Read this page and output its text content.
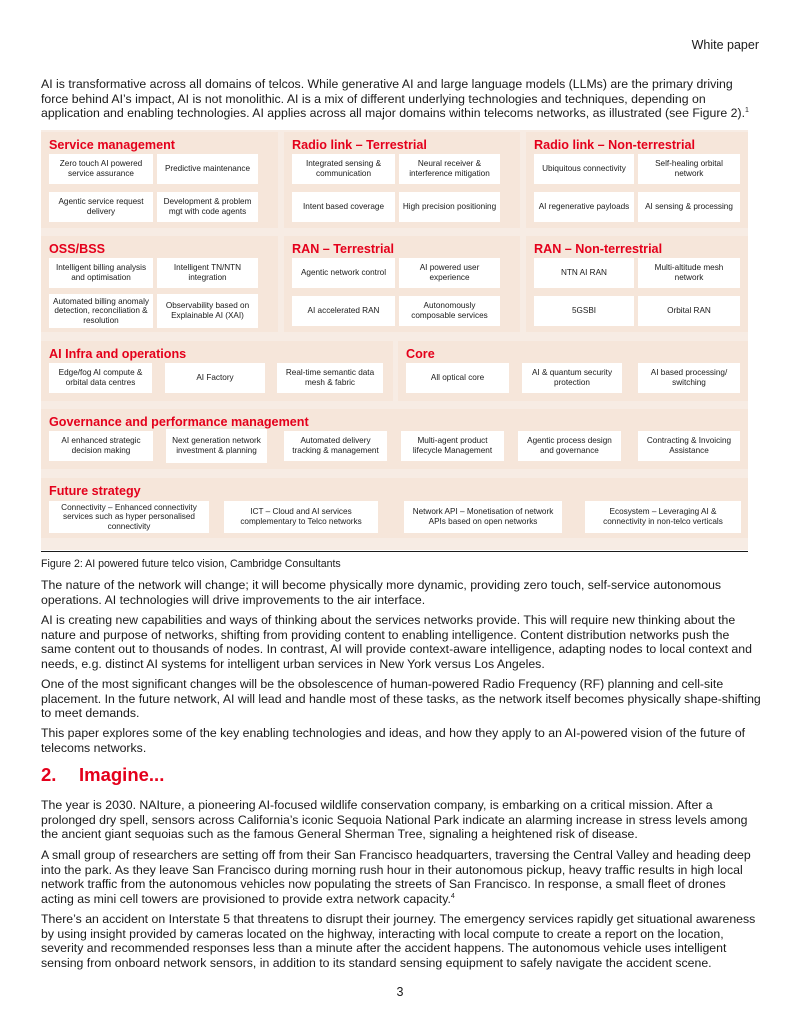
White paper

AI is transformative across all domains of telcos. While generative AI and large language models (LLMs) are the primary driving force behind AI’s impact, AI is not monolithic. AI is a mix of different underlying technologies and techniques, depending on application and enabling technologies. AI applies across all major domains within telecoms networks, as illustrated (see Figure 2).$^1$

Service management
Zero touch AI powered service assurance
Predictive maintenance
Agentic service request delivery
Development & problem mgt with code agents
Radio link – Terrestrial
Integrated sensing & communication
Neural receiver & interference mitigation
Intent based coverage	High precision positioning
Radio link – Non-terrestrial
Ubiquitous connectivity
Self-healing orbital network
AI regenerative payloads	AI sensing & processing
OSS/BSS
Intelligent billing analysis and optimisation
Intelligent TN/NTN integration
Automated billing anomaly detection, reconciliation & resolution
Observability based on Explainable AI (XAI)
RAN – Terrestrial
Agentic network control
AI powered user experience
AI accelerated RAN
Autonomously composable services
RAN – Non-terrestrial
NTN AI RAN
Multi-altitude mesh network
5GSBI	Orbital RAN
AI Infra and operations
Edge/fog AI compute & orbital data centres
AI Factory
Real-time semantic data mesh & fabric
Core
All optical core
AI & quantum security protection
AI based processing/ switching
Governance and performance management
AI enhanced strategic decision making
Next generation network investment & planning
Automated delivery tracking & management
Multi-agent product lifecycle Management
Agentic process design and governance
Contracting & Invoicing Assistance
Future strategy
Connectivity – Enhanced connectivity services such as hyper personalised connectivity
ICT – Cloud and AI services complementary to Telco networks
Network API – Monetisation of network APIs based on open networks
Ecosystem – Leveraging AI & connectivity in non-telco verticals
Figure 2: AI powered future telco vision, Cambridge Consultants

The nature of the network will change; it will become physically more dynamic, providing zero touch, self-service autonomous operations. AI technologies will drive improvements to the air interface.

AI is creating new capabilities and ways of thinking about the services networks provide. This will require new thinking about the nature and purpose of networks, shifting from providing content to enabling intelligence. Content distribution networks push the same content out to thousands of nodes. In contrast, AI will provide context-aware intelligence, adapting nodes to local context and needs, e.g. distinct AI systems for intelligent urban services in New York versus Los Angeles.

One of the most significant changes will be the obsolescence of human-powered Radio Frequency (RF) planning and cell-site placement. In the future network, AI will lead and handle most of these tasks, as the network itself becomes physically shape-shifting to meet demands.

This paper explores some of the key enabling technologies and ideas, and how they apply to an AI-powered vision of the future of telecoms networks.

2. Imagine...

The year is 2030. NAIture, a pioneering AI-focused wildlife conservation company, is embarking on a critical mission. After a prolonged dry spell, sensors across California’s iconic Sequoia National Park indicate an alarming increase in stress levels among the ancient giant sequoias such as the famous General Sherman Tree, signaling a heightened risk of disease.

A small group of researchers are setting off from their San Francisco headquarters, traversing the Central Valley and heading deep into the park. As they leave San Francisco during morning rush hour in their autonomous pickup, heavy traffic results in high local network traffic from the autonomous vehicles now populating the streets of San Francisco. In response, a small fleet of drones acting as mini cell towers are provisioned to provide extra network capacity.$^4$

There’s an accident on Interstate 5 that threatens to disrupt their journey. The emergency services rapidly get situational awareness by using insight provided by cameras located on the highway, interacting with local compute to create a report on the location, severity and recommended responses less than a minute after the accident happens. The autonomous vehicle uses intelligent sensing from onboard network sensors, in addition to its standard sensing equipment to safely navigate the accident scene.

3
